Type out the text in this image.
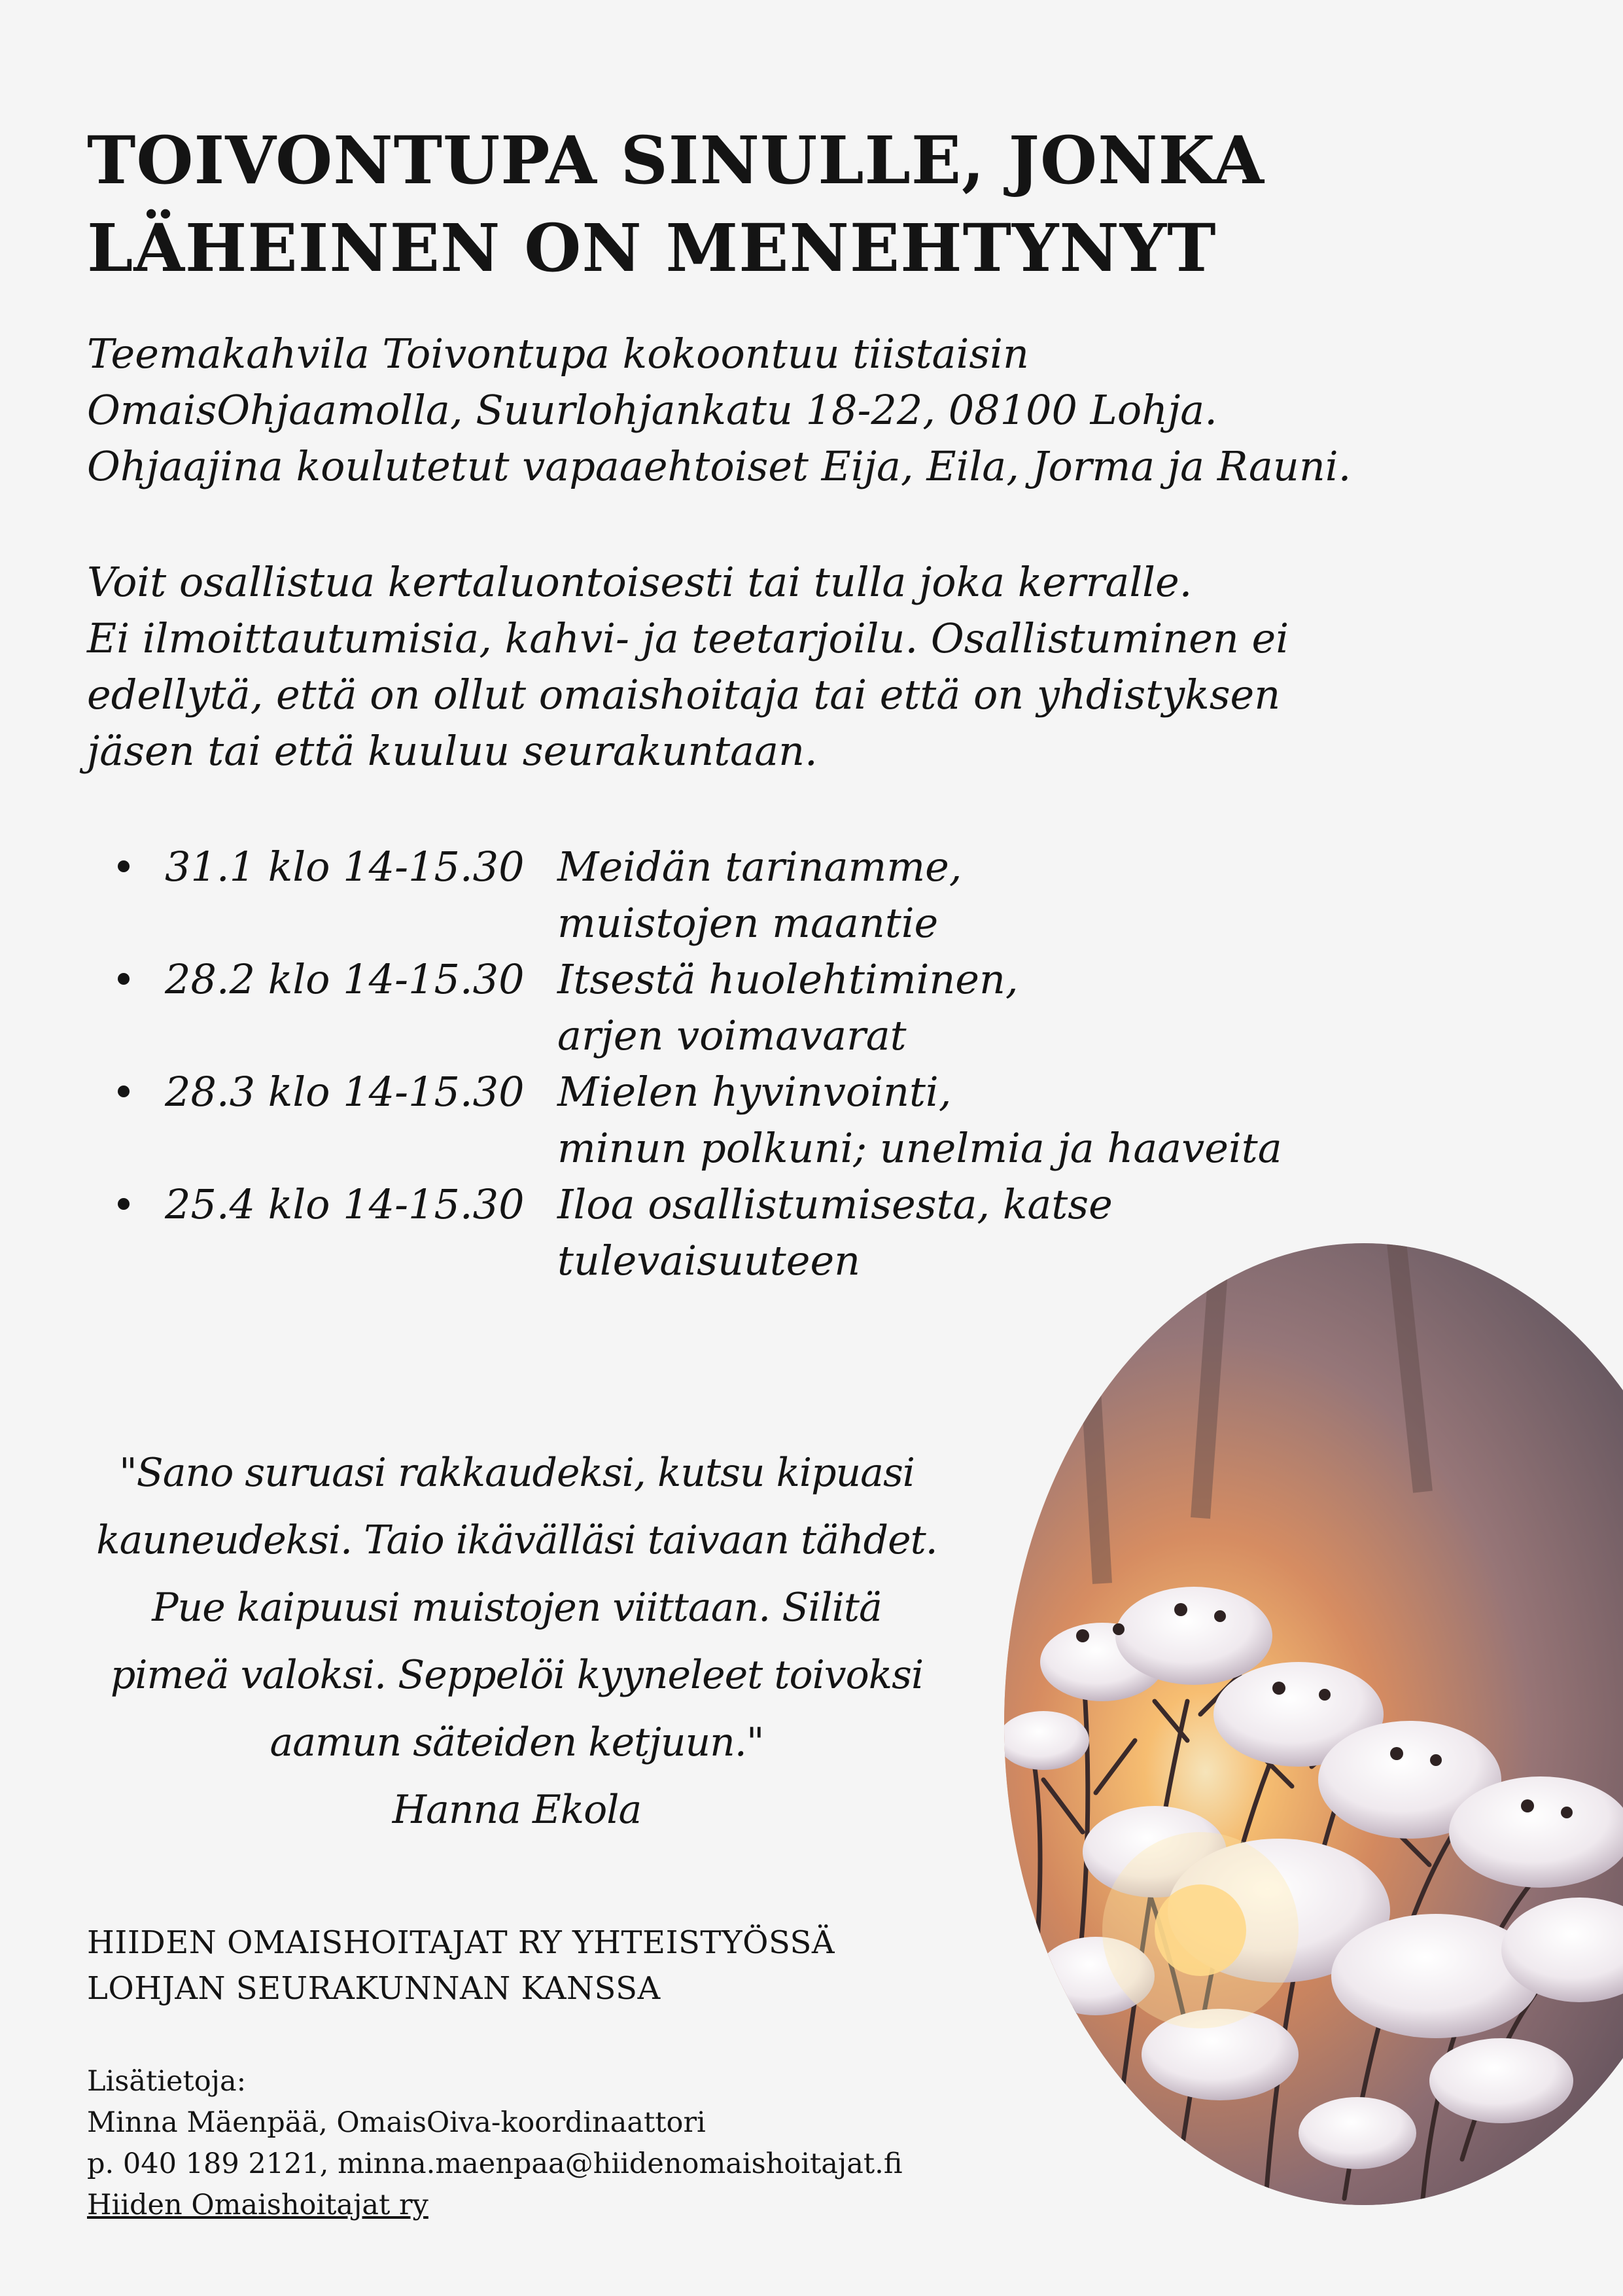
TOIVONTUPA SINULLE, JONKA
LÄHEINEN ON MENEHTYNYT
Teemakahvila Toivontupa kokoontuu tiistaisin
OmaisOhjaamolla, Suurlohjankatu 18-22, 08100 Lohja.
Ohjaajina koulutetut vapaaehtoiset Eija, Eila, Jorma ja Rauni.
Voit osallistua kertaluontoisesti tai tulla joka kerralle.
Ei ilmoittautumisia, kahvi- ja teetarjoilu. Osallistuminen ei
edellytä, että on ollut omaishoitaja tai että on yhdistyksen
jäsen tai että kuuluu seurakuntaan.
31.1 klo 14-15.30 Meidän tarinamme,
muistojen maantie
28.2 klo 14-15.30 Itsestä huolehtiminen,
arjen voimavarat
28.3 klo 14-15.30 Mielen hyvinvointi,
minun polkuni; unelmia ja haaveita
25.4 klo 14-15.30 Iloa osallistumisesta, katse
tulevaisuuteen
"Sano suruasi rakkaudeksi, kutsu kipuasi
kauneudeksi. Taio ikävälläsi taivaan tähdet.
Pue kaipuusi muistojen viittaan. Silitä
pimeä valoksi. Seppelöi kyyneleet toivoksi
aamun säteiden ketjuun."
Hanna Ekola
HIIDEN OMAISHOITAJAT RY YHTEISTYÖSSÄ
LOHJAN SEURAKUNNAN KANSSA
Lisätietoja:
Minna Mäenpää, OmaisOiva-koordinaattori
p. 040 189 2121, minna.maenpaa@hiidenomaishoitajat.fi
Hiiden Omaishoitajat ry
